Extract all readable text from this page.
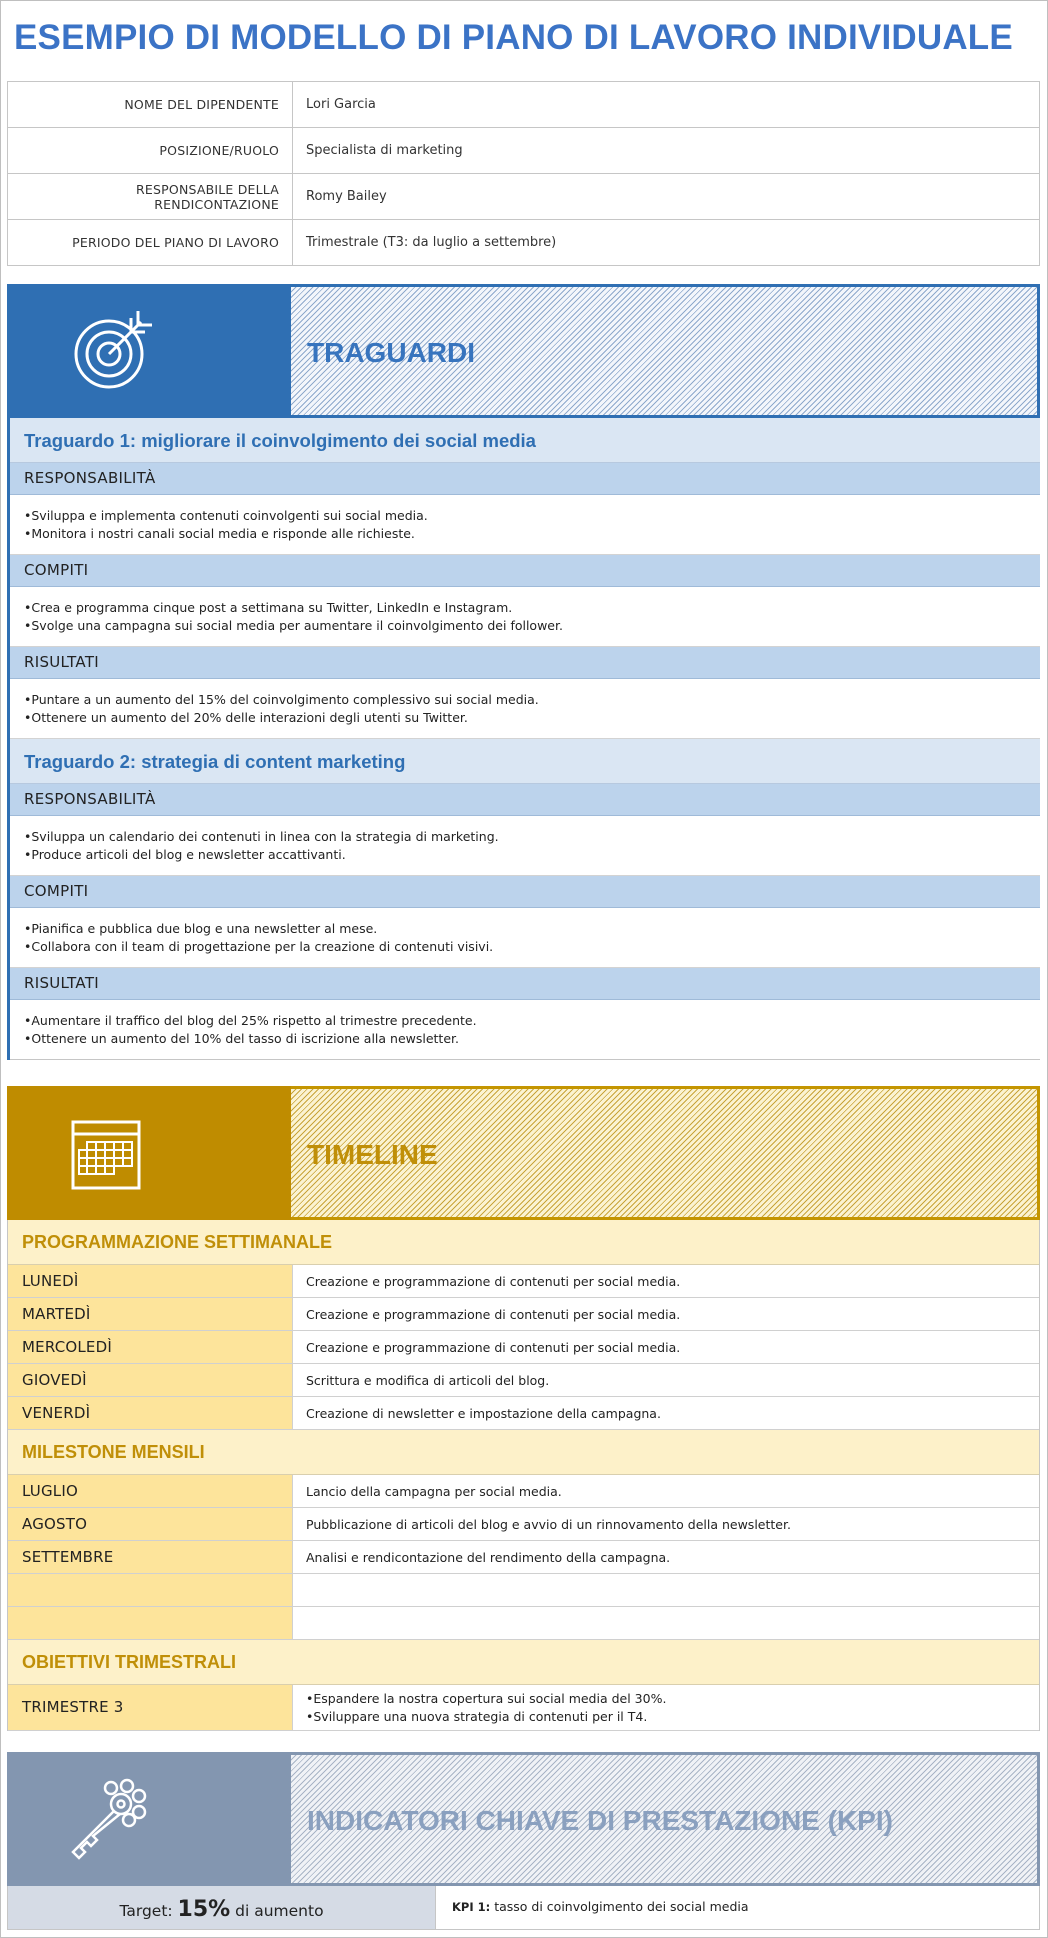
ESEMPIO DI MODELLO DI PIANO DI LAVORO INDIVIDUALE
NOME DEL DIPENDENTE	Lori Garcia
POSIZIONE/RUOLO	Specialista di marketing
RESPONSABILE DELLA RENDICONTAZIONE	Romy Bailey
PERIODO DEL PIANO DI LAVORO	Trimestrale (T3: da luglio a settembre)
TRAGUARDI
Traguardo 1: migliorare il coinvolgimento dei social media
RESPONSABILITÀ
•Sviluppa e implementa contenuti coinvolgenti sui social media.
•Monitora i nostri canali social media e risponde alle richieste.
COMPITI
•Crea e programma cinque post a settimana su Twitter, LinkedIn e Instagram.
•Svolge una campagna sui social media per aumentare il coinvolgimento dei follower.
RISULTATI
•Puntare a un aumento del 15% del coinvolgimento complessivo sui social media.
•Ottenere un aumento del 20% delle interazioni degli utenti su Twitter.
Traguardo 2: strategia di content marketing
RESPONSABILITÀ
•Sviluppa un calendario dei contenuti in linea con la strategia di marketing.
•Produce articoli del blog e newsletter accattivanti.
COMPITI
•Pianifica e pubblica due blog e una newsletter al mese.
•Collabora con il team di progettazione per la creazione di contenuti visivi.
RISULTATI
•Aumentare il traffico del blog del 25% rispetto al trimestre precedente.
•Ottenere un aumento del 10% del tasso di iscrizione alla newsletter.
TIMELINE
PROGRAMMAZIONE SETTIMANALE
LUNEDÌ	Creazione e programmazione di contenuti per social media.
MARTEDÌ	Creazione e programmazione di contenuti per social media.
MERCOLEDÌ	Creazione e programmazione di contenuti per social media.
GIOVEDÌ	Scrittura e modifica di articoli del blog.
VENERDÌ	Creazione di newsletter e impostazione della campagna.
MILESTONE MENSILI
LUGLIO	Lancio della campagna per social media.
AGOSTO	Pubblicazione di articoli del blog e avvio di un rinnovamento della newsletter.
SETTEMBRE	Analisi e rendicontazione del rendimento della campagna.
OBIETTIVI TRIMESTRALI
TRIMESTRE 3	•Espandere la nostra copertura sui social media del 30%.
•Sviluppare una nuova strategia di contenuti per il T4.
INDICATORI CHIAVE DI PRESTAZIONE (KPI)
Target: 15% di aumento	KPI 1: tasso di coinvolgimento dei social media
